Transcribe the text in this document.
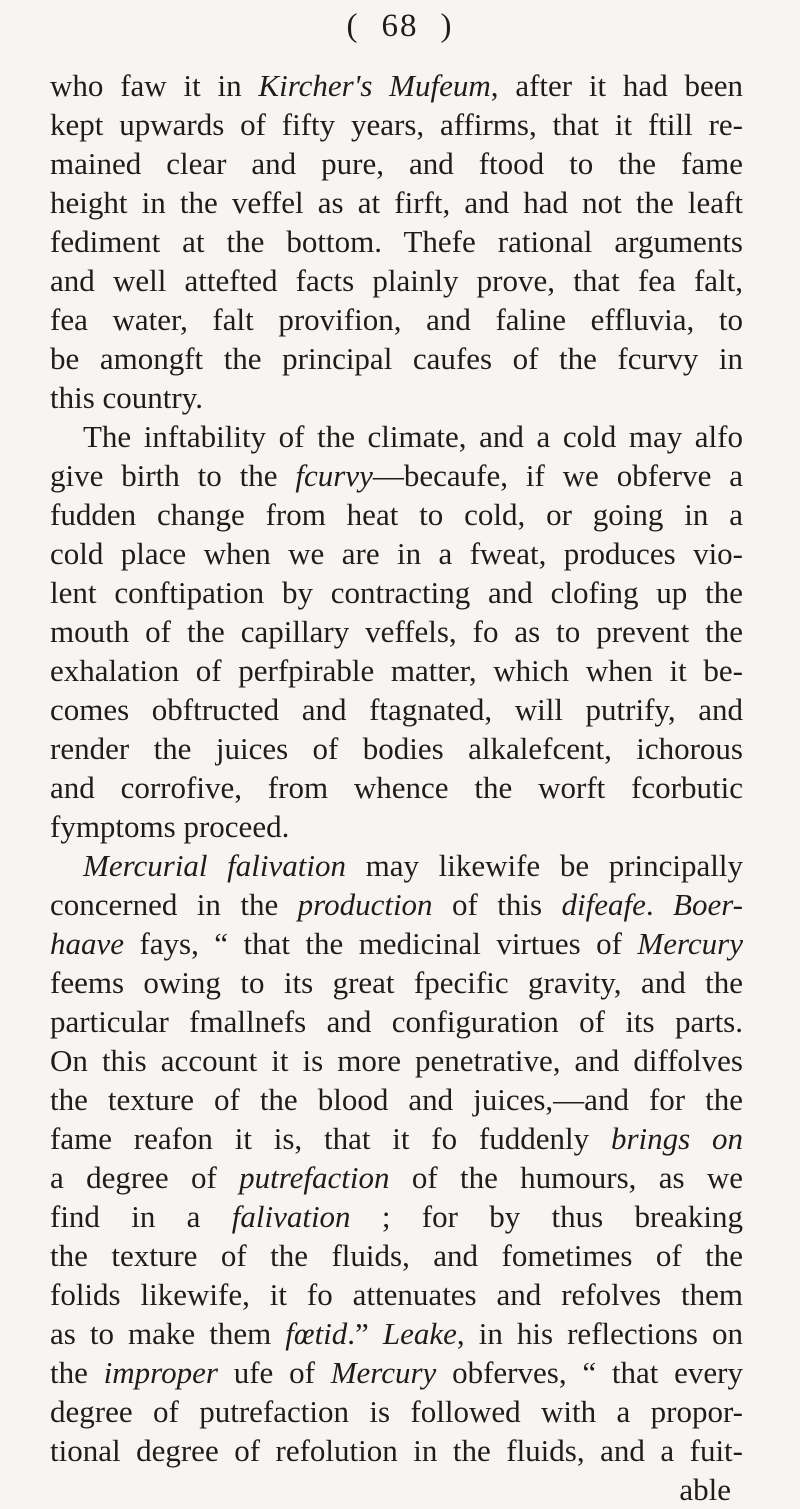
( 68 )
who faw it in Kircher's Mufeum, after it had been
kept upwards of fifty years, affirms, that it ftill re-
mained clear and pure, and ftood to the fame
height in the veffel as at firft, and had not the leaft
fediment at the bottom. Thefe rational arguments
and well attefted facts plainly prove, that fea falt,
fea water, falt provifion, and faline effluvia, to
be amongft the principal caufes of the fcurvy in
this country.
The inftability of the climate, and a cold may alfo
give birth to the fcurvy—becaufe, if we obferve a
fudden change from heat to cold, or going in a
cold place when we are in a fweat, produces vio-
lent conftipation by contracting and clofing up the
mouth of the capillary veffels, fo as to prevent the
exhalation of perfpirable matter, which when it be-
comes obftructed and ftagnated, will putrify, and
render the juices of bodies alkalefcent, ichorous
and corrofive, from whence the worft fcorbutic
fymptoms proceed.
Mercurial falivation may likewife be principally
concerned in the production of this difeafe. Boer-
haave fays, “ that the medicinal virtues of Mercury
feems owing to its great fpecific gravity, and the
particular fmallnefs and configuration of its parts.
On this account it is more penetrative, and diffolves
the texture of the blood and juices,—and for the
fame reafon it is, that it fo fuddenly brings on
a degree of putrefaction of the humours, as we
find in a falivation ; for by thus breaking
the texture of the fluids, and fometimes of the
folids likewife, it fo attenuates and refolves them
as to make them fœtid.” Leake, in his reflections on
the improper ufe of Mercury obferves, “ that every
degree of putrefaction is followed with a propor-
tional degree of refolution in the fluids, and a fuit-
able
